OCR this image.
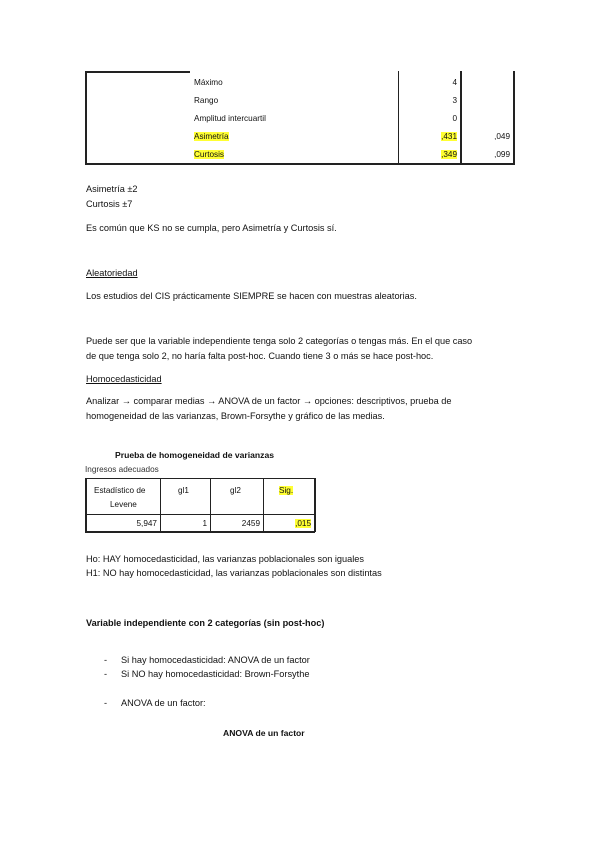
Máximo	4
Rango	3
Amplitud intercuartil	0
Asimetría	,431	,049
Curtosis	,349	,099
Asimetría ±2
Curtosis ±7
Es común que KS no se cumpla, pero Asimetría y Curtosis sí.
Aleatoriedad
Los estudios del CIS prácticamente SIEMPRE se hacen con muestras aleatorias.
Puede ser que la variable independiente tenga solo 2 categorías o tengas más. En el que caso
de que tenga solo 2, no haría falta post-hoc. Cuando tiene 3 o más se hace post-hoc.
Homocedasticidad
Analizar → comparar medias → ANOVA de un factor → opciones: descriptivos, prueba de
homogeneidad de las varianzas, Brown-Forsythe y gráfico de las medias.
Prueba de homogeneidad de varianzas
Ingresos adecuados
Estadístico de
Levene
gl1	gl2	Sig.
5,947	1	2459	,015
Ho: HAY homocedasticidad, las varianzas poblacionales son iguales
H1: NO hay homocedasticidad, las varianzas poblacionales son distintas
Variable independiente con 2 categorías (sin post-hoc)
- Si hay homocedasticidad: ANOVA de un factor
- Si NO hay homocedasticidad: Brown-Forsythe
- ANOVA de un factor:
ANOVA de un factor
